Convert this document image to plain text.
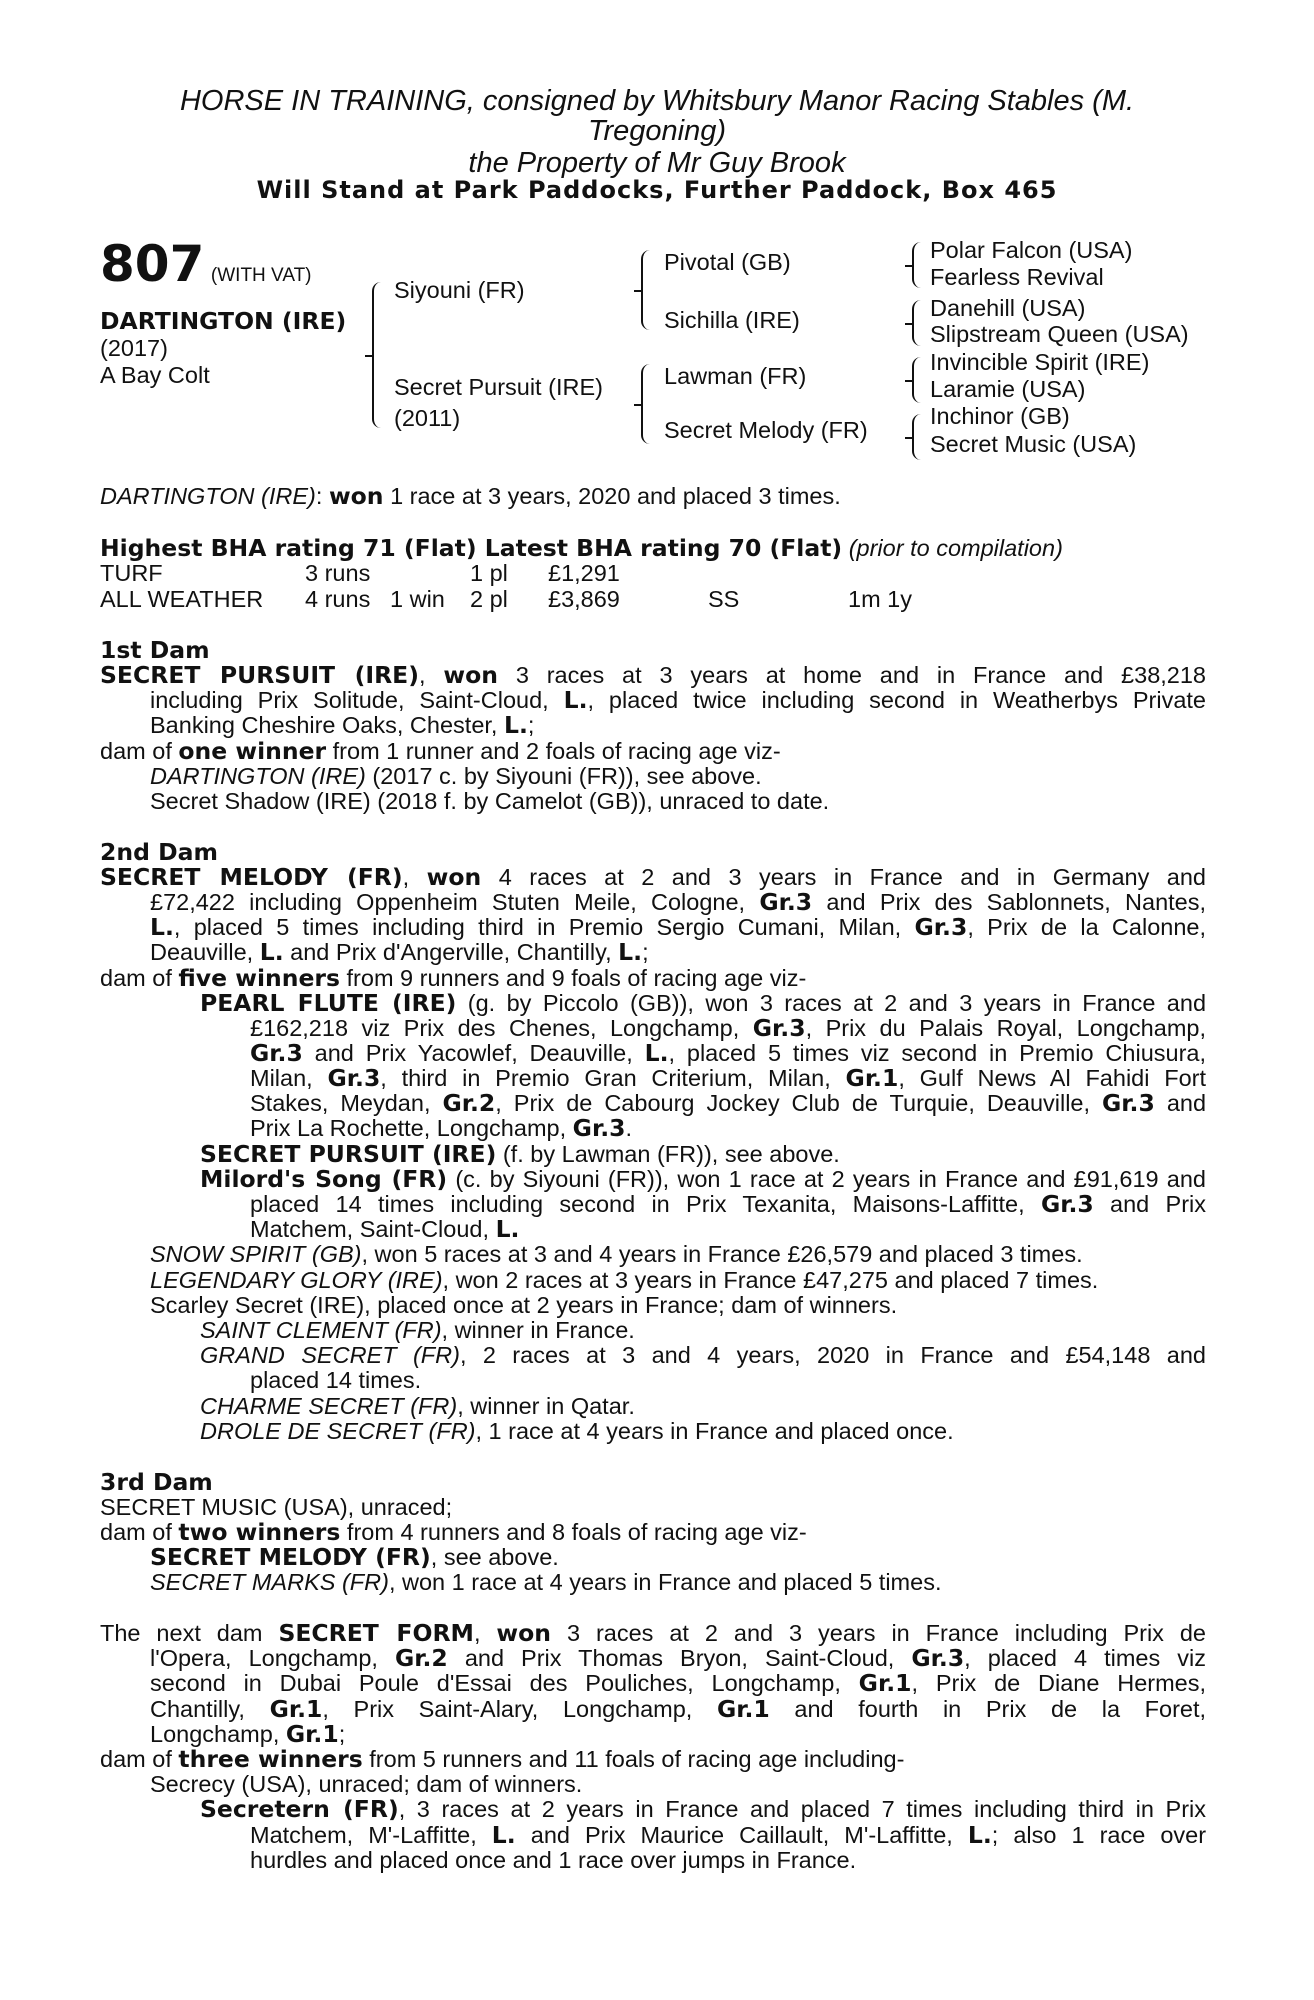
HORSE IN TRAINING, consigned by Whitsbury Manor Racing Stables (M.
Tregoning)
the Property of Mr Guy Brook
Will Stand at Park Paddocks, Further Paddock, Box 465
807 (WITH VAT)
DARTINGTON (IRE)
(2017)
A Bay Colt
Siyouni (FR)
Secret Pursuit (IRE)
(2011)
Pivotal (GB)
Sichilla (IRE)
Lawman (FR)
Secret Melody (FR)
Polar Falcon (USA)
Fearless Revival
Danehill (USA)
Slipstream Queen (USA)
Invincible Spirit (IRE)
Laramie (USA)
Inchinor (GB)
Secret Music (USA)
DARTINGTON (IRE): won 1 race at 3 years, 2020 and placed 3 times.
Highest BHA rating 71 (Flat) Latest BHA rating 70 (Flat) (prior to compilation)
TURF	3 runs	1 pl £1,291
ALL WEATHER 4 runs 1 win 2 pl £3,869	SS	1m 1y
1st Dam
SECRET PURSUIT (IRE), won 3 races at 3 years at home and in France and £38,218
including Prix Solitude, Saint-Cloud, L., placed twice including second in Weatherbys Private
Banking Cheshire Oaks, Chester, L.;
dam of one winner from 1 runner and 2 foals of racing age viz-
DARTINGTON (IRE) (2017 c. by Siyouni (FR)), see above.
Secret Shadow (IRE) (2018 f. by Camelot (GB)), unraced to date.
2nd Dam
SECRET MELODY (FR), won 4 races at 2 and 3 years in France and in Germany and
£72,422 including Oppenheim Stuten Meile, Cologne, Gr.3 and Prix des Sablonnets, Nantes,
L., placed 5 times including third in Premio Sergio Cumani, Milan, Gr.3, Prix de la Calonne,
Deauville, L. and Prix d'Angerville, Chantilly, L.;
dam of five winners from 9 runners and 9 foals of racing age viz-
PEARL FLUTE (IRE) (g. by Piccolo (GB)), won 3 races at 2 and 3 years in France and
£162,218 viz Prix des Chenes, Longchamp, Gr.3, Prix du Palais Royal, Longchamp,
Gr.3 and Prix Yacowlef, Deauville, L., placed 5 times viz second in Premio Chiusura,
Milan, Gr.3, third in Premio Gran Criterium, Milan, Gr.1, Gulf News Al Fahidi Fort
Stakes, Meydan, Gr.2, Prix de Cabourg Jockey Club de Turquie, Deauville, Gr.3 and
Prix La Rochette, Longchamp, Gr.3.
SECRET PURSUIT (IRE) (f. by Lawman (FR)), see above.
Milord's Song (FR) (c. by Siyouni (FR)), won 1 race at 2 years in France and £91,619 and
placed 14 times including second in Prix Texanita, Maisons-Laffitte, Gr.3 and Prix
Matchem, Saint-Cloud, L.
SNOW SPIRIT (GB), won 5 races at 3 and 4 years in France £26,579 and placed 3 times.
LEGENDARY GLORY (IRE), won 2 races at 3 years in France £47,275 and placed 7 times.
Scarley Secret (IRE), placed once at 2 years in France; dam of winners.
SAINT CLEMENT (FR), winner in France.
GRAND SECRET (FR), 2 races at 3 and 4 years, 2020 in France and £54,148 and
placed 14 times.
CHARME SECRET (FR), winner in Qatar.
DROLE DE SECRET (FR), 1 race at 4 years in France and placed once.
3rd Dam
SECRET MUSIC (USA), unraced;
dam of two winners from 4 runners and 8 foals of racing age viz-
SECRET MELODY (FR), see above.
SECRET MARKS (FR), won 1 race at 4 years in France and placed 5 times.
The next dam SECRET FORM, won 3 races at 2 and 3 years in France including Prix de
l'Opera, Longchamp, Gr.2 and Prix Thomas Bryon, Saint-Cloud, Gr.3, placed 4 times viz
second in Dubai Poule d'Essai des Pouliches, Longchamp, Gr.1, Prix de Diane Hermes,
Chantilly, Gr.1, Prix Saint-Alary, Longchamp, Gr.1 and fourth in Prix de la Foret,
Longchamp, Gr.1;
dam of three winners from 5 runners and 11 foals of racing age including-
Secrecy (USA), unraced; dam of winners.
Secretern (FR), 3 races at 2 years in France and placed 7 times including third in Prix
Matchem, M'-Laffitte, L. and Prix Maurice Caillault, M'-Laffitte, L.; also 1 race over
hurdles and placed once and 1 race over jumps in France.
